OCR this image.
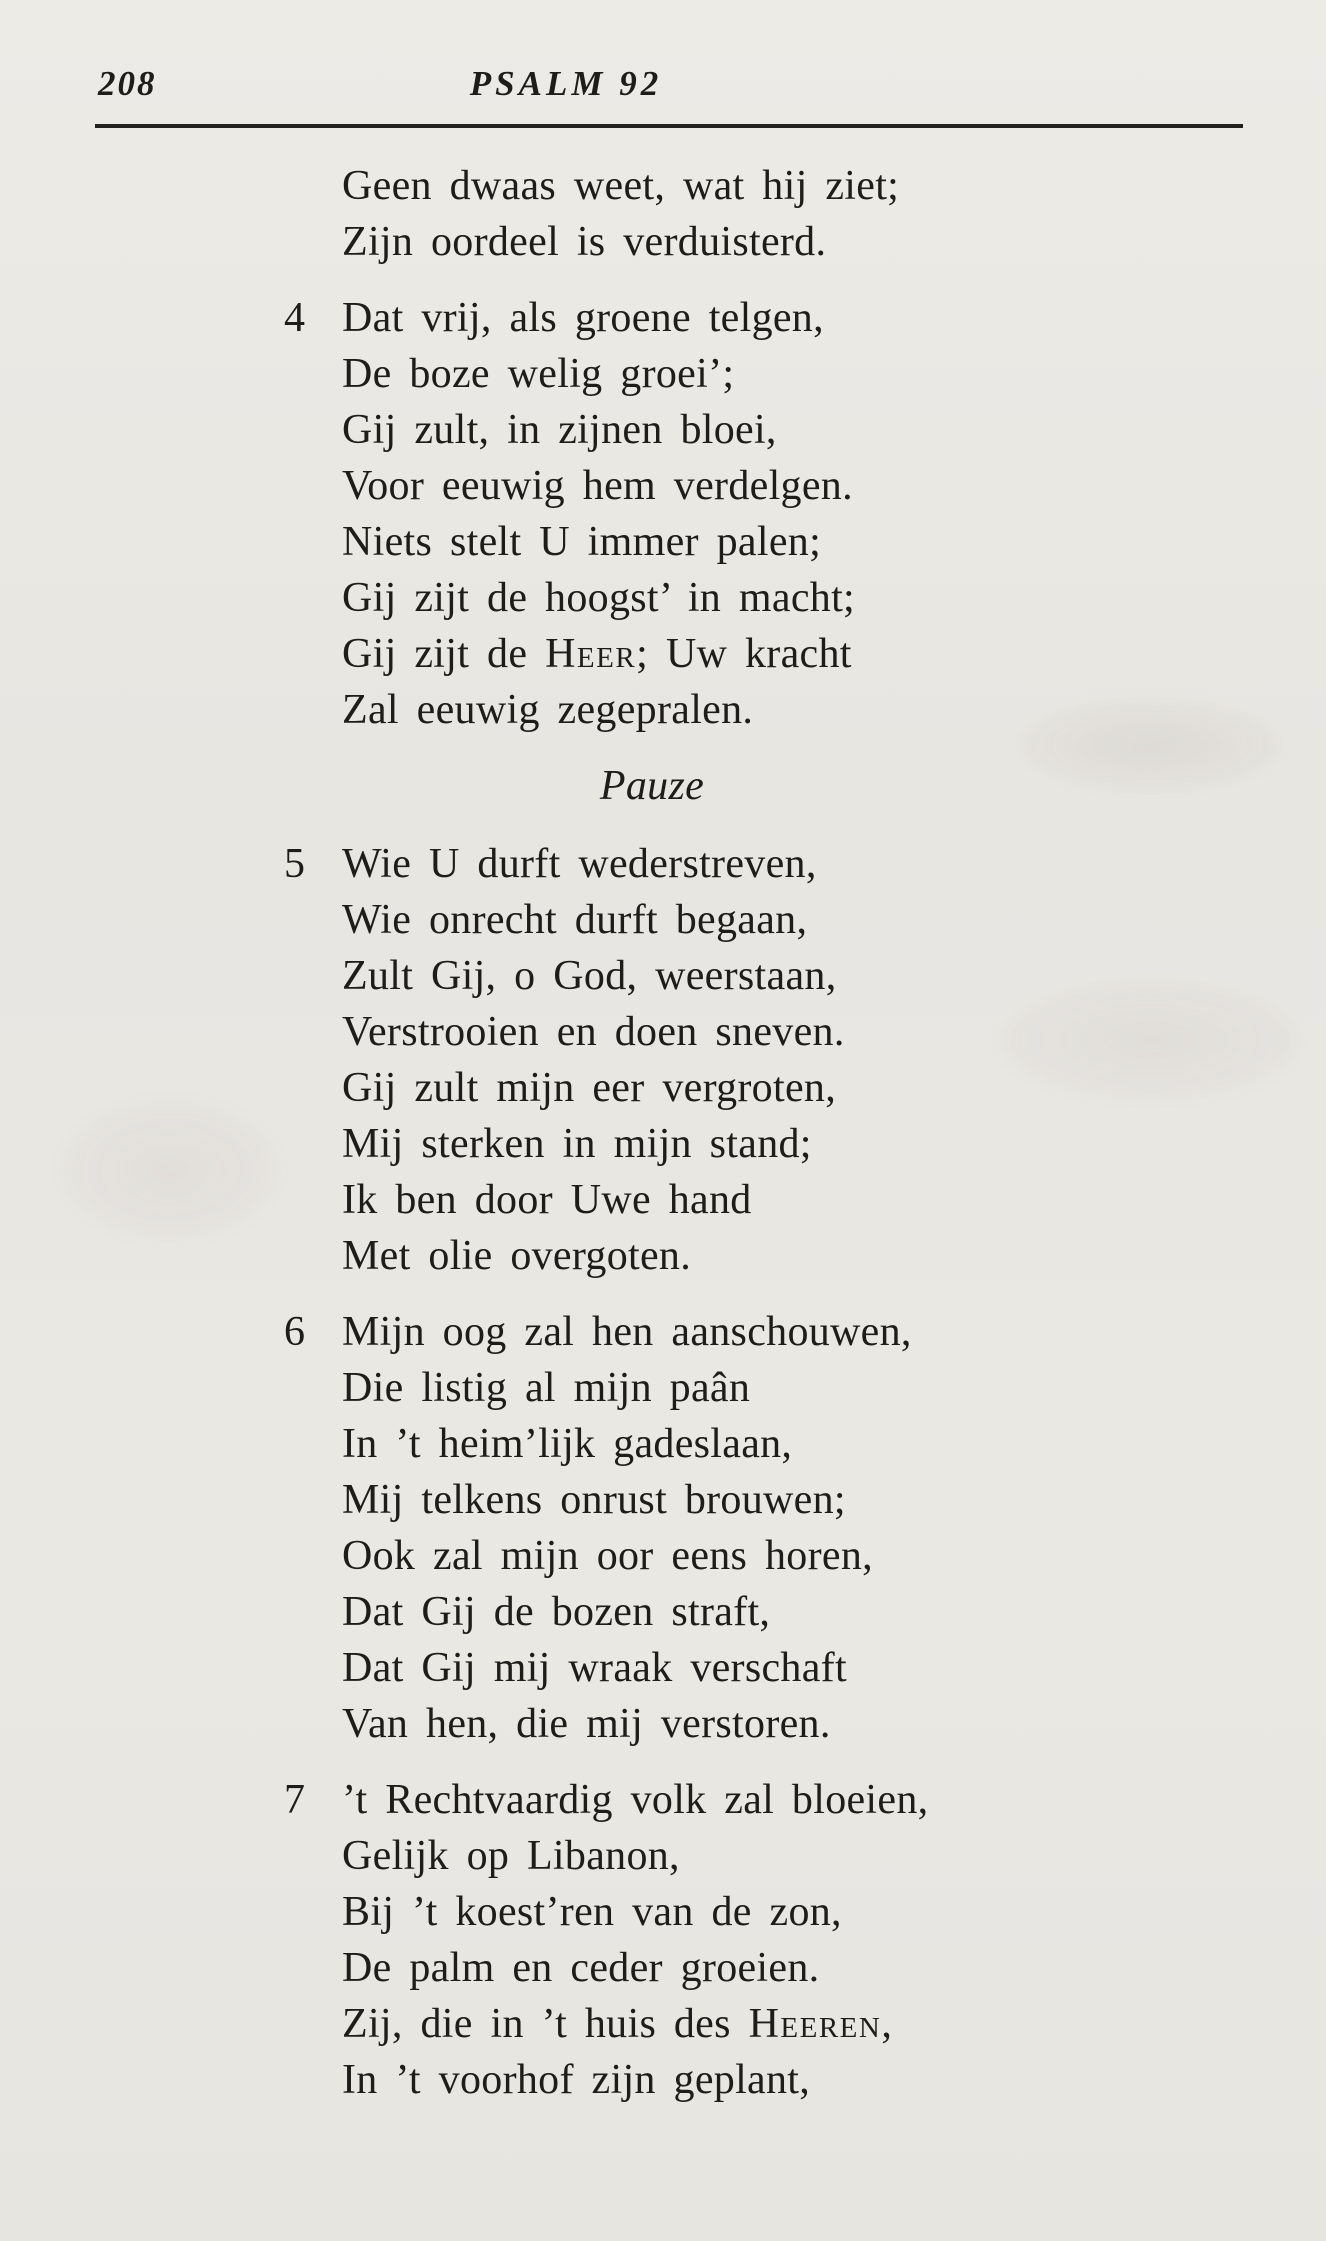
208	PSALM 92
Geen dwaas weet, wat hij ziet;
Zijn oordeel is verduisterd.
4 Dat vrij, als groene telgen,
De boze welig groei’;
Gij zult, in zijnen bloei,
Voor eeuwig hem verdelgen.
Niets stelt U immer palen;
Gij zijt de hoogst’ in macht;
Gij zijt de Heer; Uw kracht
Zal eeuwig zegepralen.
Pauze
5 Wie U durft wederstreven,
Wie onrecht durft begaan,
Zult Gij, o God, weerstaan,
Verstrooien en doen sneven.
Gij zult mijn eer vergroten,
Mij sterken in mijn stand;
Ik ben door Uwe hand
Met olie overgoten.
6 Mijn oog zal hen aanschouwen,
Die listig al mijn paân
In ’t heim’lijk gadeslaan,
Mij telkens onrust brouwen;
Ook zal mijn oor eens horen,
Dat Gij de bozen straft,
Dat Gij mij wraak verschaft
Van hen, die mij verstoren.
7 ’t Rechtvaardig volk zal bloeien,
Gelijk op Libanon,
Bij ’t koest’ren van de zon,
De palm en ceder groeien.
Zij, die in ’t huis des Heeren,
In ’t voorhof zijn geplant,
